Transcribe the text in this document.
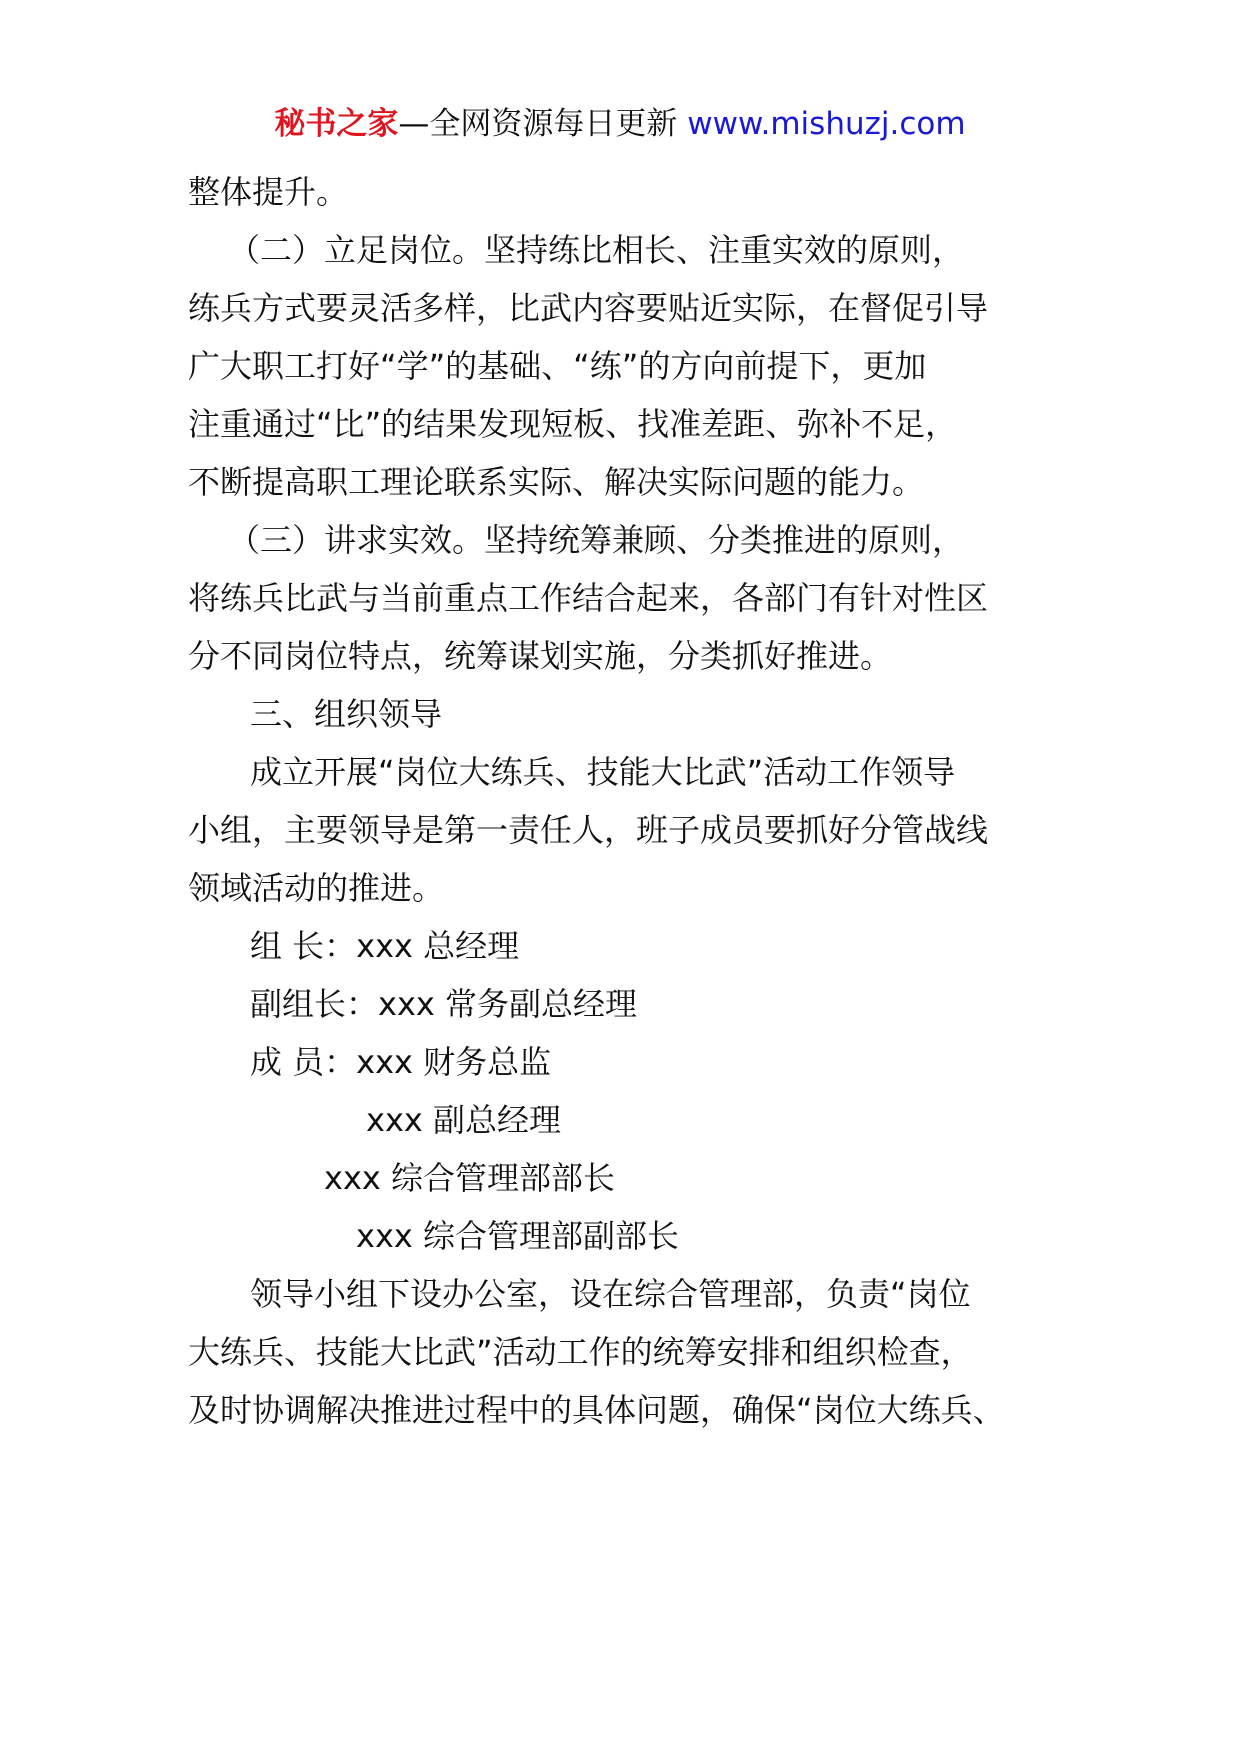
秘书之家—全网资源每日更新 www.mishuzj.com
整体提升。
（二）立足岗位。坚持练比相长、注重实效的原则，
练兵方式要灵活多样，比武内容要贴近实际，在督促引导
广大职工打好“学”的基础、“练”的方向前提下，更加
注重通过“比”的结果发现短板、找准差距、弥补不足，
不断提高职工理论联系实际、解决实际问题的能力。
（三）讲求实效。坚持统筹兼顾、分类推进的原则，
将练兵比武与当前重点工作结合起来，各部门有针对性区
分不同岗位特点，统筹谋划实施，分类抓好推进。
三、组织领导
成立开展“岗位大练兵、技能大比武”活动工作领导
小组，主要领导是第一责任人，班子成员要抓好分管战线
领域活动的推进。
组 长：xxx 总经理
副组长：xxx 常务副总经理
成 员：xxx 财务总监
xxx 副总经理
xxx 综合管理部部长
xxx 综合管理部副部长
领导小组下设办公室，设在综合管理部，负责“岗位
大练兵、技能大比武”活动工作的统筹安排和组织检查，
及时协调解决推进过程中的具体问题，确保“岗位大练兵、
